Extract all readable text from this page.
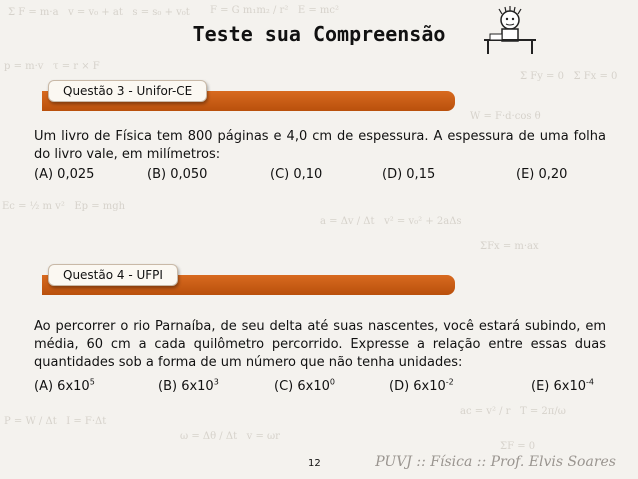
Σ F = m·a   v = v₀ + at   s = s₀ + v₀t F = G m₁m₂ / r²   E = mc²
Σ Fy = 0   Σ Fx = 0
p = m·v   τ = r × F
W = F·d·cos θ
Ec = ½ m v²   Ep = mgh
a = Δv / Δt   v² = v₀² + 2aΔs
ΣFx = m·ax
P = W / Δt   I = F·Δt
ω = Δθ / Δt   v = ωr
ac = v² / r   T = 2π/ω
ΣF = 0
Teste sua Compreensão
Questão 3 - Unifor-CE
Um livro de Física tem 800 páginas e 4,0 cm de espessura. A espessura de uma folha do livro vale, em milímetros:
(A) 0,025	(B) 0,050	(C) 0,10	(D) 0,15	(E) 0,20
Questão 4 - UFPI
Ao percorrer o rio Parnaíba, de seu delta até suas nascentes, você estará subindo, em média, 60 cm a cada quilômetro percorrido. Expresse a relação entre essas duas quantidades sob a forma de um número que não tenha unidades:
(A) $6x10^5$	(B) $6x10^3$	(C) $6x10^0$	(D) $6x10^{-2}$	(E) $6x10^{-4}$
12	PUVJ :: Física :: Prof. Elvis Soares
